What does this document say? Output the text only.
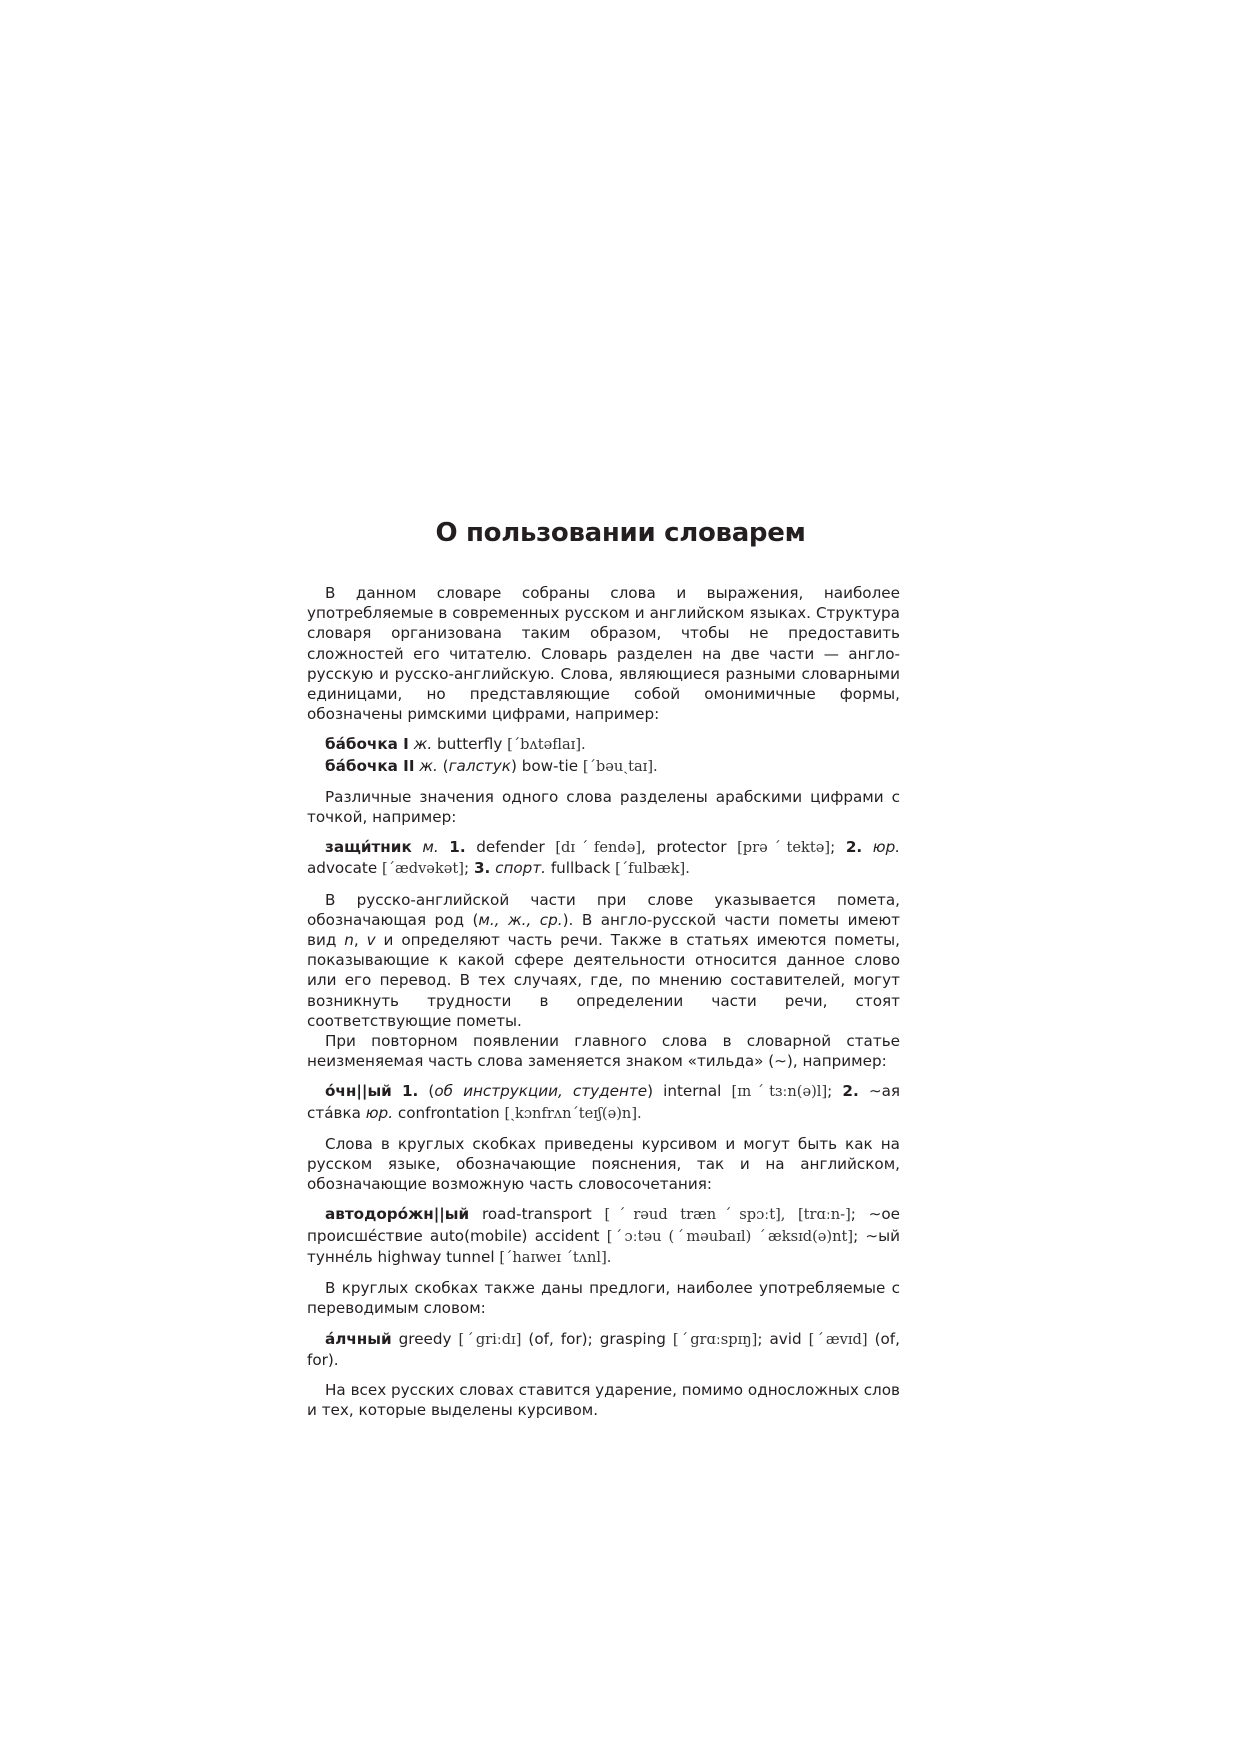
О пользовании словарем

В данном словаре собраны слова и выражения, наиболее употребляемые в современных русском и английском языках. Структура словаря организована таким образом, чтобы не предоставить сложностей его читателю. Словарь разделен на две части — англо-русскую и русско-английскую. Слова, являющиеся разными словарными единицами, но представляющие собой омонимичные формы, обозначены римскими цифрами, например:

ба́бочка I ж. butterfly [ˊbʌtəflaɪ].

ба́бочка II ж. (галстук) bow-tie [ˊbəuˏtaɪ].

Различные значения одного слова разделены арабскими цифрами с точкой, например:

защи́тник м. 1. defender [dɪˊfendə], protector [prəˊtektə]; 2. юр. advocate [ˊædvəkət]; 3. спорт. fullback [ˊfulbæk].

В русско-английской части при слове указывается помета, обозначающая род (м., ж., ср.). В англо-русской части пометы имеют вид n, v и определяют часть речи. Также в статьях имеются пометы, показывающие к какой сфере деятельности относится данное слово или его перевод. В тех случаях, где, по мнению составителей, могут возникнуть трудности в определении части речи, стоят соответствующие пометы.

При повторном появлении главного слова в словарной статье неизменяемая часть слова заменяется знаком «тильда» (∼), например:

о́чн||ый 1. (об инструкции, студенте) internal [ɪnˊtɜːn(ə)l]; 2. ∼ая ста́вка юр. confrontation [ˏkɔnfrʌnˊteɪʃ(ə)n].

Слова в круглых скобках приведены курсивом и могут быть как на русском языке, обозначающие пояснения, так и на английском, обозначающие возможную часть словосочетания:

автодоро́жн||ый road-transport [ˊrəud trænˊspɔːt], [trɑːn-]; ∼ое происше́ствие auto(mobile) accident [ˊɔːtəu (ˊməubaɪl) ˊæksɪd(ə)nt]; ∼ый тунне́ль highway tunnel [ˊhaɪweɪ ˊtʌnl].

В круглых скобках также даны предлоги, наиболее употребляемые с переводимым словом:

а́лчный greedy [ˊgriːdɪ] (of, for); grasping [ˊgrɑːspɪŋ]; avid [ˊævɪd] (of, for).

На всех русских словах ставится ударение, помимо односложных слов и тех, которые выделены курсивом.
